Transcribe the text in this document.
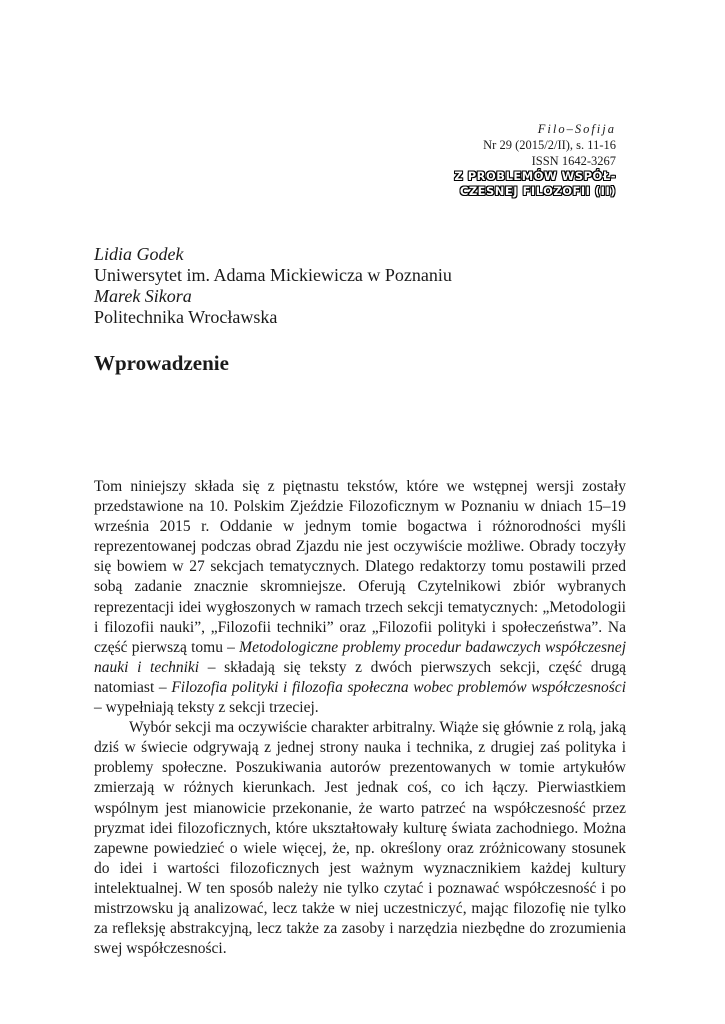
Filo–Sofija
Nr 29 (2015/2/II), s. 11-16
ISSN 1642-3267
Z PROBLEMÓW WSPÓŁ-
CZESNEJ FILOZOFII (II)
Lidia Godek
Uniwersytet im. Adama Mickiewicza w Poznaniu
Marek Sikora
Politechnika Wrocławska
Wprowadzenie

Tom niniejszy składa się z piętnastu tekstów, które we wstępnej wersji zostały przedstawione na 10. Polskim Zjeździe Filozoficznym w Poznaniu w dniach 15–19 września 2015 r. Oddanie w jednym tomie bogactwa i różnorodności myśli reprezentowanej podczas obrad Zjazdu nie jest oczywiście możliwe. Obrady toczyły się bowiem w 27 sekcjach tematycznych. Dlatego redaktorzy tomu postawili przed sobą zadanie znacznie skromniejsze. Oferują Czytelnikowi zbiór wybranych reprezentacji idei wygłoszonych w ramach trzech sekcji tematycznych: „Metodologii i filozofii nauki”, „Filozofii techniki” oraz „Filozofii polityki i społeczeństwa”. Na część pierwszą tomu – Metodologiczne problemy procedur badawczych współczesnej nauki i techniki – składają się teksty z dwóch pierwszych sekcji, część drugą natomiast – Filozofia polityki i filozofia społeczna wobec problemów współczesności – wypełniają teksty z sekcji trzeciej.

Wybór sekcji ma oczywiście charakter arbitralny. Wiąże się głównie z rolą, jaką dziś w świecie odgrywają z jednej strony nauka i technika, z drugiej zaś polityka i problemy społeczne. Poszukiwania autorów prezentowanych w tomie artykułów zmierzają w różnych kierunkach. Jest jednak coś, co ich łączy. Pierwiastkiem wspólnym jest mianowicie przekonanie, że warto patrzeć na współczesność przez pryzmat idei filozoficznych, które ukształtowały kulturę świata zachodniego. Można zapewne powiedzieć o wiele więcej, że, np. określony oraz zróżnicowany stosunek do idei i wartości filozoficznych jest ważnym wyznacznikiem każdej kultury intelektualnej. W ten sposób należy nie tylko czytać i poznawać współczesność i po mistrzowsku ją analizować, lecz także w niej uczestniczyć, mając filozofię nie tylko za refleksję abstrakcyjną, lecz także za zasoby i narzędzia niezbędne do zrozumienia swej współczesności.
